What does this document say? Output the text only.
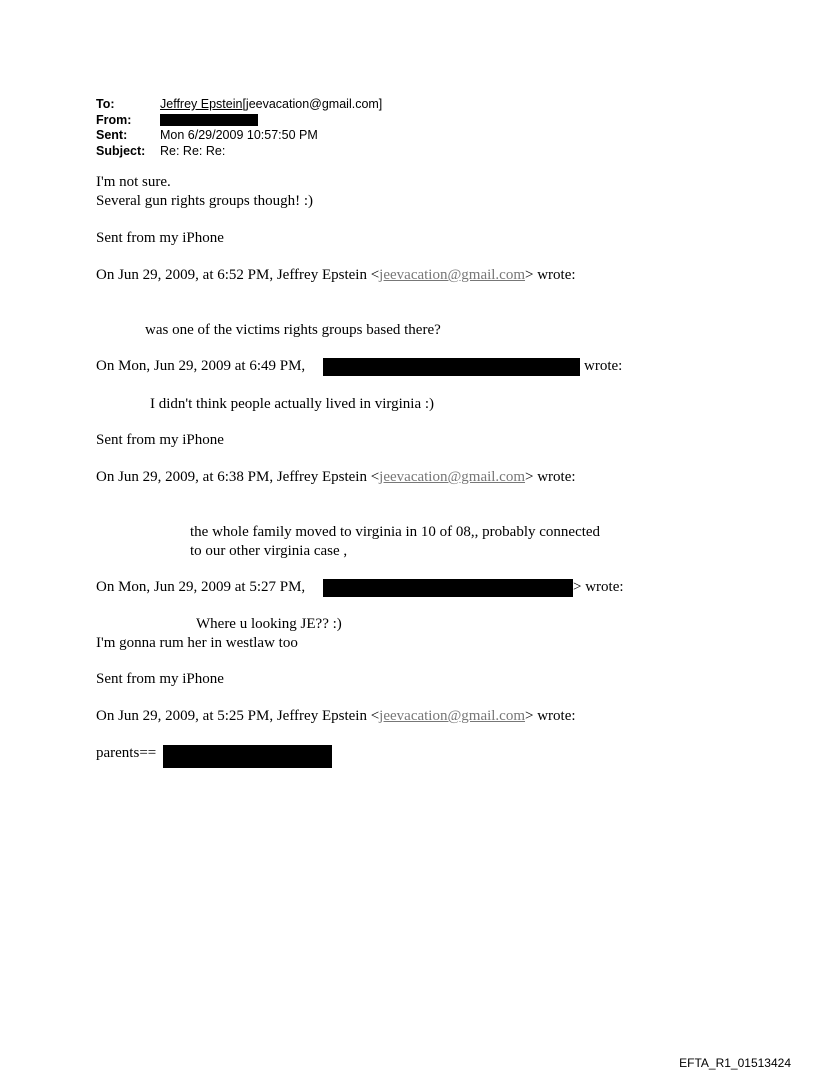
To:	Jeffrey Epstein[jeevacation@gmail.com]
From:
Sent:	Mon 6/29/2009 10:57:50 PM
Subject:	Re: Re: Re:
I'm not sure.
Several gun rights groups though! :)
Sent from my iPhone
On Jun 29, 2009, at 6:52 PM, Jeffrey Epstein <jeevacation@gmail.com> wrote:
was one of the victims rights groups based there?
On Mon, Jun 29, 2009 at 6:49 PM,	wrote:
I didn't think people actually lived in virginia :)
Sent from my iPhone
On Jun 29, 2009, at 6:38 PM, Jeffrey Epstein <jeevacation@gmail.com> wrote:
the whole family moved to virginia in 10 of 08,, probably connected
to our other virginia case ,
On Mon, Jun 29, 2009 at 5:27 PM,	> wrote:
Where u looking JE?? :)
I'm gonna rum her in westlaw too
Sent from my iPhone
On Jun 29, 2009, at 5:25 PM, Jeffrey Epstein <jeevacation@gmail.com> wrote:
parents==
EFTA_R1_01513424
